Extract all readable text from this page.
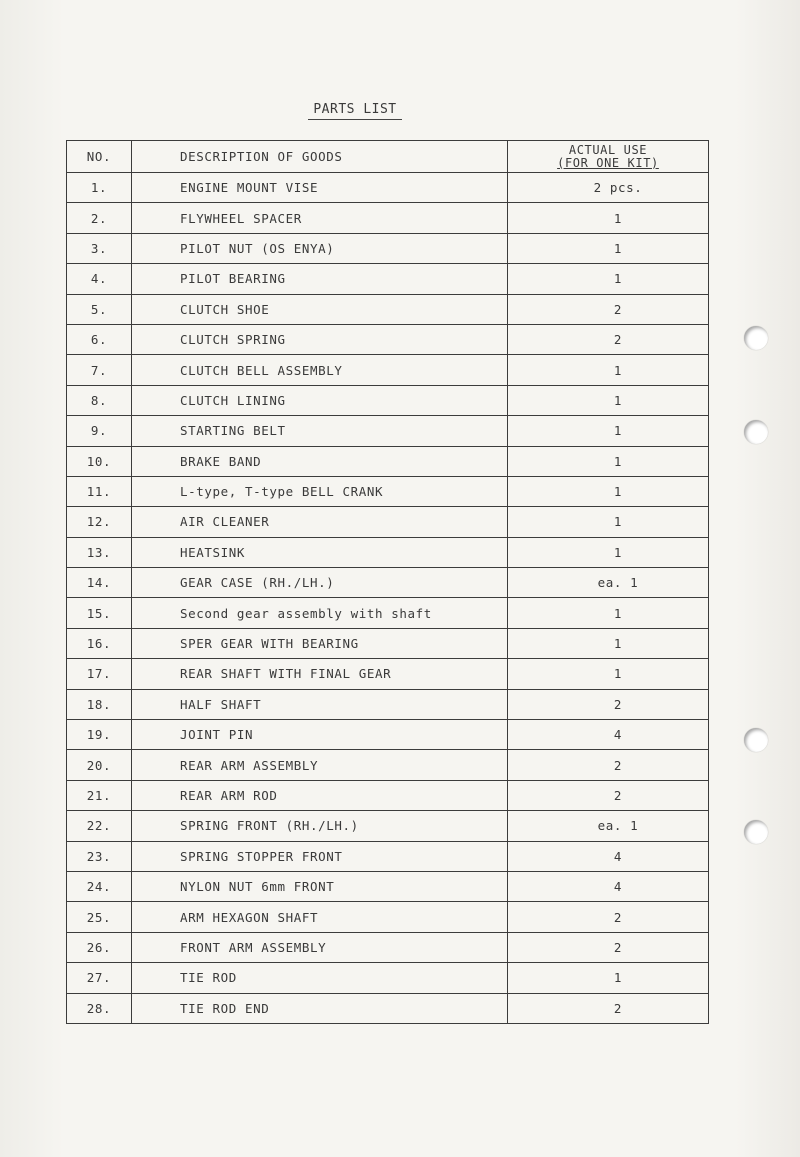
PARTS LIST
NO.	DESCRIPTION OF GOODS	ACTUAL USE
(FOR ONE KIT)

1.	ENGINE MOUNT VISE	2 pcs.
2.	FLYWHEEL SPACER	1
3.	PILOT NUT (OS ENYA)	1
4.	PILOT BEARING	1
5.	CLUTCH SHOE	2
6.	CLUTCH SPRING	2
7.	CLUTCH BELL ASSEMBLY	1
8.	CLUTCH LINING	1
9.	STARTING BELT	1
10.	BRAKE BAND	1
11.	L-type, T-type BELL CRANK	1
12.	AIR CLEANER	1
13.	HEATSINK	1
14.	GEAR CASE (RH./LH.)	ea. 1
15.	Second gear assembly with shaft	1
16.	SPER GEAR WITH BEARING	1
17.	REAR SHAFT WITH FINAL GEAR	1
18.	HALF SHAFT	2
19.	JOINT PIN	4
20.	REAR ARM ASSEMBLY	2
21.	REAR ARM ROD	2
22.	SPRING FRONT (RH./LH.)	ea. 1
23.	SPRING STOPPER FRONT	4
24.	NYLON NUT 6mm FRONT	4
25.	ARM HEXAGON SHAFT	2
26.	FRONT ARM ASSEMBLY	2
27.	TIE ROD	1
28.	TIE ROD END	2
